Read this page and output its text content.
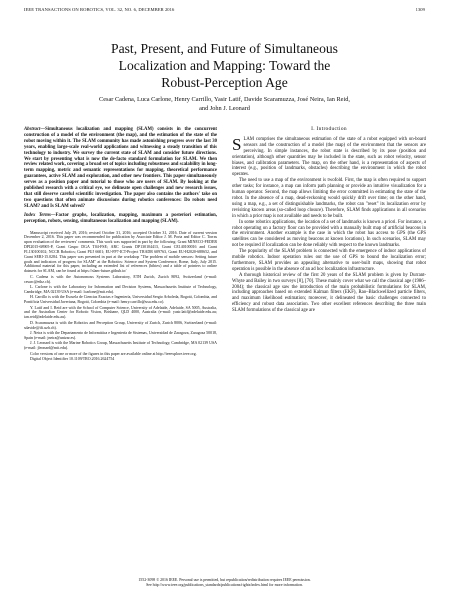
IEEE TRANSACTIONS ON ROBOTICS, VOL. 32, NO. 6, DECEMBER 2016	1309
Past, Present, and Future of Simultaneous
Localization and Mapping: Toward the
Robust-Perception Age
Cesar Cadena, Luca Carlone, Henry Carrillo, Yasir Latif, Davide Scaramuzza, José Neira, Ian Reid,
and John J. Leonard
Abstract—Simultaneous localization and mapping (SLAM) consists in the concurrent construction of a model of the environment (the map), and the estimation of the state of the robot moving within it. The SLAM community has made astonishing progress over the last 30 years, enabling large-scale real-world applications and witnessing a steady transition of this technology to industry. We survey the current state of SLAM and consider future directions. We start by presenting what is now the de-facto standard formulation for SLAM. We then review related work, covering a broad set of topics including robustness and scalability in long-term mapping, metric and semantic representations for mapping, theoretical performance guarantees, active SLAM and exploration, and other new frontiers. This paper simultaneously serves as a position paper and tutorial to those who are users of SLAM. By looking at the published research with a critical eye, we delineate open challenges and new research issues, that still deserve careful scientific investigation. The paper also contains the authors' take on two questions that often animate discussions during robotics conferences: Do robots need SLAM? and Is SLAM solved?
Index Terms—Factor graphs, localization, mapping, maximum a posteriori estimation, perception, robots, sensing, simultaneous localization and mapping (SLAM).

Manuscript received July 29, 2016; revised October 31, 2016; accepted October 31, 2016. Date of current version December 2, 2016. This paper was recommended for publication by Associate Editor J. M. Porta and Editor C. Torras upon evaluation of the reviewers' comments. This work was supported in part by the following: Grant MINECO-FEDER DPI2015-68905-P, Grant Grupo DGA T04-FSE; ARC Grants DP130104413, Grant CE140100016 and Grant FL130100102; NCCR Robotics; Grant PUJ 6601; EU-FP7-ICT-Project TRADR 609763, Grant EU-H2020-688652, and Grant SERI-15.0284. This paper was presented in part at the workshop "The problem of mobile sensors: Setting future goals and indicators of progress for SLAM" at the Robotics: Science and System Conference, Rome, Italy, July 2015. Additional material for this paper, including an extended list of references (bibtex) and a table of pointers to online datasets for SLAM, can be found at https://slam-future.github.io/

C. Cadena is with the Autonomous Systems Laboratory, ETH Zurich, Zurich 8092, Switzerland (e-mail: cesarc@ethz.ch).

L. Carlone is with the Laboratory for Information and Decision Systems, Massachusetts Institute of Technology, Cambridge, MA 02139 USA (e-mail: lcarlone@mit.edu).

H. Carrillo is with the Escuela de Ciencias Exactas e Ingeniería, Universidad Sergio Arboleda, Bogotá, Colombia, and Pontificia Universidad Javeriana, Bogotá, Colombia (e-mail: henry.carrillo@usa.edu.co).

Y. Latif and I. Reid are with the School of Computer Science, University of Adelaide, Adelaide, SA 5005, Australia, and the Australian Center for Robotic Vision, Brisbane, QLD 4000, Australia (e-mail: yasir.latif@adelaide.edu.au; ian.reid@adelaide.edu.au).

D. Scaramuzza is with the Robotics and Perception Group, University of Zurich, Zurich 8006, Switzerland (e-mail: sdavide@ifi.uzh.ch).

J. Neira is with the Departamento de Informática e Ingeniería de Sistemas, Universidad de Zaragoza, Zaragoza 50018, Spain (e-mail: jneira@unizar.es).

J. J. Leonard is with the Marine Robotics Group, Massachusetts Institute of Technology, Cambridge, MA 02139 USA (e-mail: jleonard@mit.edu).

Color versions of one or more of the figures in this paper are available online at http://ieeexplore.ieee.org.

Digital Object Identifier 10.1109/TRO.2016.2624754

I. Introduction

SLAM comprises the simultaneous estimation of the state of a robot equipped with on-board sensors and the construction of a model (the map) of the environment that the sensors are perceiving. In simple instances, the robot state is described by its pose (position and orientation), although other quantities may be included in the state, such as robot velocity, sensor biases, and calibration parameters. The map, on the other hand, is a representation of aspects of interest (e.g., position of landmarks, obstacles) describing the environment in which the robot operates.

The need to use a map of the environment is twofold. First, the map is often required to support other tasks; for instance, a map can inform path planning or provide an intuitive visualization for a human operator. Second, the map allows limiting the error committed in estimating the state of the robot. In the absence of a map, dead-reckoning would quickly drift over time; on the other hand, using a map, e.g., a set of distinguishable landmarks, the robot can "reset" its localization error by revisiting known areas (so-called loop closure). Therefore, SLAM finds applications in all scenarios in which a prior map is not available and needs to be built.

In some robotics applications, the location of a set of landmarks is known a priori. For instance, a robot operating on a factory floor can be provided with a manually built map of artificial beacons in the environment. Another example is the case in which the robot has access to GPS (the GPS satellites can be considered as moving beacons at known locations). In such scenarios, SLAM may not be required if localization can be done reliably with respect to the known landmarks.

The popularity of the SLAM problem is connected with the emergence of indoor applications of mobile robotics. Indoor operation rules out the use of GPS to bound the localization error; furthermore, SLAM provides an appealing alternative to user-built maps, showing that robot operation is possible in the absence of an ad hoc localization infrastructure.

A thorough historical review of the first 20 years of the SLAM problem is given by Durrant-Whyte and Bailey in two surveys [8], [70]. These mainly cover what we call the classical age (1986–2004); the classical age saw the introduction of the main probabilistic formulations for SLAM, including approaches based on extended Kalman filters (EKF), Rao–Blackwellized particle filters, and maximum likelihood estimation; moreover, it delineated the basic challenges connected to efficiency and robust data association. Two other excellent references describing the three main SLAM formulations of the classical age are

1552-3098 © 2016 IEEE. Personal use is permitted, but republication/redistribution requires IEEE permission.
See http://www.ieee.org/publications_standards/publications/rights/index.html for more information.
